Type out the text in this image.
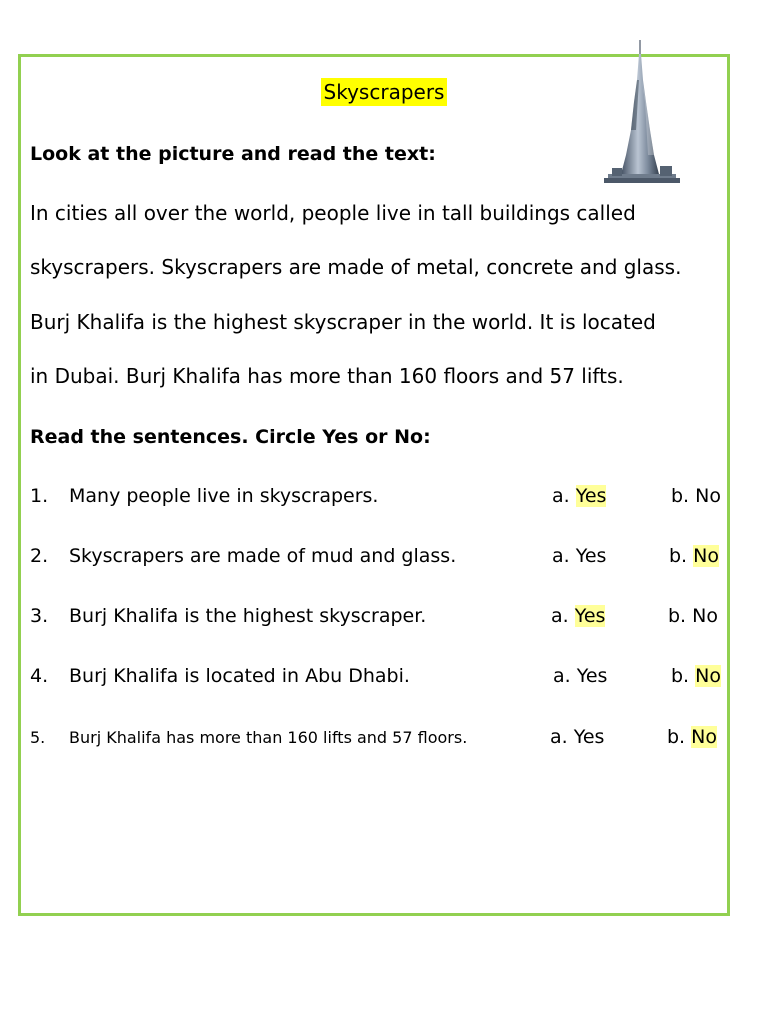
Skyscrapers
Look at the picture and read the text:
In cities all over the world, people live in tall buildings called
skyscrapers. Skyscrapers are made of metal, concrete and glass.
Burj Khalifa is the highest skyscraper in the world. It is located
in Dubai. Burj Khalifa has more than 160 floors and 57 lifts.
Read the sentences. Circle Yes or No:
1. Many people live in skyscrapers.	a. Yes	b. No
2. Skyscrapers are made of mud and glass.	a. Yes	b. No
3. Burj Khalifa is the highest skyscraper.	a. Yes	b. No
4. Burj Khalifa is located in Abu Dhabi.	a. Yes	b. No
5. Burj Khalifa has more than 160 lifts and 57 floors.	a. Yes	b. No
